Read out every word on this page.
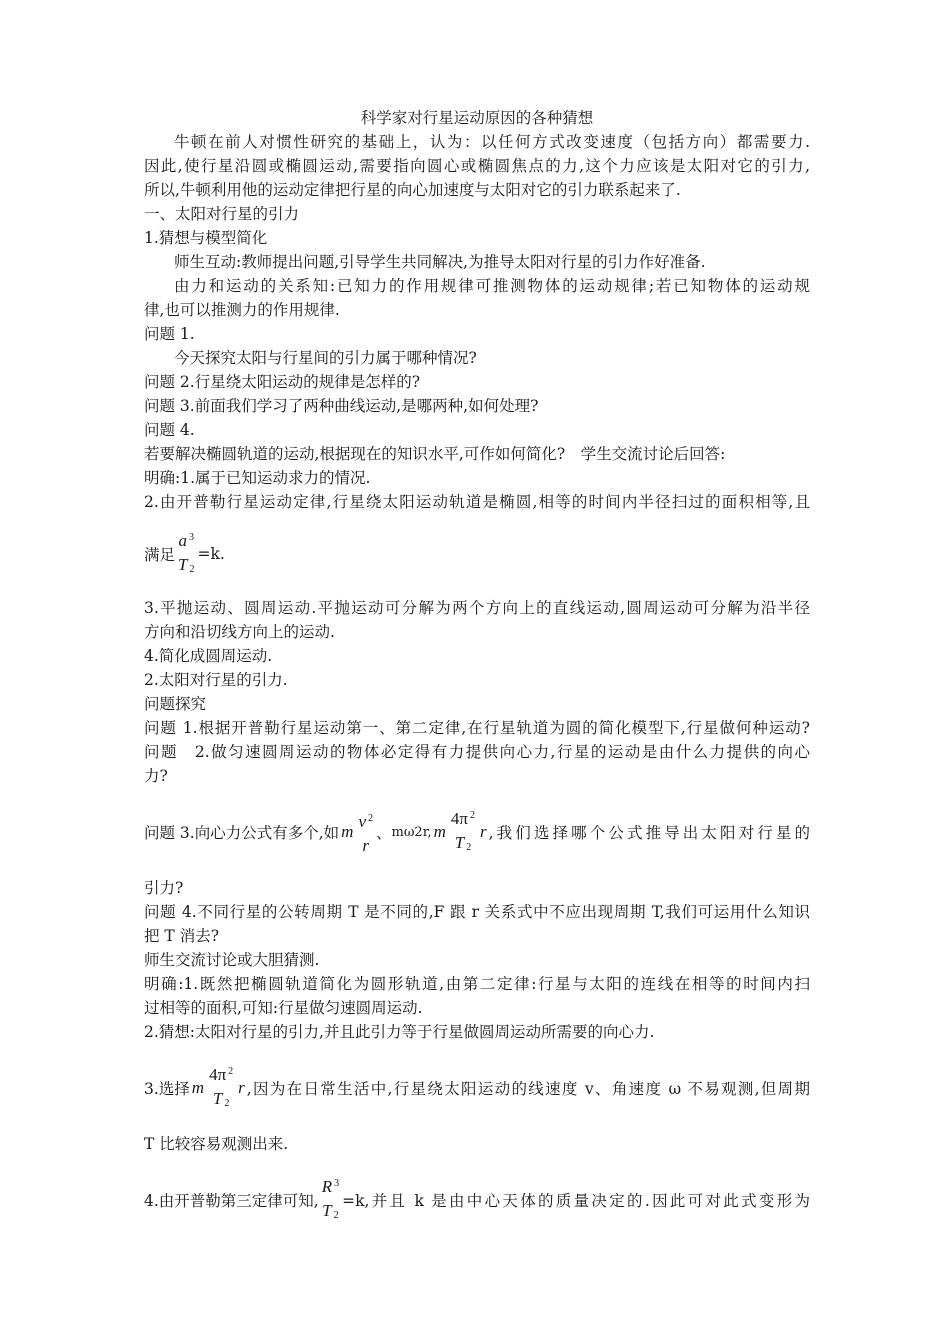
科学家对行星运动原因的各种猜想
牛顿在前人对惯性研究的基础上，认为：以任何方式改变速度（包括方向）都需要力.
因此,使行星沿圆或椭圆运动,需要指向圆心或椭圆焦点的力,这个力应该是太阳对它的引力,
所以,牛顿利用他的运动定律把行星的向心加速度与太阳对它的引力联系起来了.
一、太阳对行星的引力
1.猜想与模型简化
师生互动:教师提出问题,引导学生共同解决,为推导太阳对行星的引力作好准备.
由力和运动的关系知:已知力的作用规律可推测物体的运动规律;若已知物体的运动规
律,也可以推测力的作用规律.
问题 1.
今天探究太阳与行星间的引力属于哪种情况?
问题 2.行星绕太阳运动的规律是怎样的?
问题 3.前面我们学习了两种曲线运动,是哪两种,如何处理?
问题 4.
若要解决椭圆轨道的运动,根据现在的知识水平,可作如何简化?　学生交流讨论后回答:
明确:1.属于已知运动求力的情况.
2.由开普勒行星运动定律,行星绕太阳运动轨道是椭圆,相等的时间内半径扫过的面积相等,且
满足
a $^3$
T $_2$
=k.
3.平抛运动、圆周运动.平抛运动可分解为两个方向上的直线运动,圆周运动可分解为沿半径
方向和沿切线方向上的运动.
4.简化成圆周运动.
2.太阳对行星的引力.
问题探究
问题 1.根据开普勒行星运动第一、第二定律,在行星轨道为圆的简化模型下,行星做何种运动?
问题　2.做匀速圆周运动的物体必定得有力提供向心力,行星的运动是由什么力提供的向心
力?
问题 3.向心力公式有多个,如 m
v $^2$
r
、 mω2r, m
4π $^2$
T $_2$
r ,我们选择哪个公式推导出太阳对行星的
引力?
问题 4.不同行星的公转周期 T 是不同的,F 跟 r 关系式中不应出现周期 T,我们可运用什么知识
把 T 消去?
师生交流讨论或大胆猜测.
明确:1.既然把椭圆轨道简化为圆形轨道,由第二定律:行星与太阳的连线在相等的时间内扫
过相等的面积,可知:行星做匀速圆周运动.
2.猜想:太阳对行星的引力,并且此引力等于行星做圆周运动所需要的向心力.
3.选择 m
4π $^2$
T $_2$
r ,因为在日常生活中,行星绕太阳运动的线速度 v、角速度 ω 不易观测,但周期
T 比较容易观测出来.
4.由开普勒第三定律可知,
R $^3$
T $_2$
=k,并且 k 是由中心天体的质量决定的.因此可对此式变形为
